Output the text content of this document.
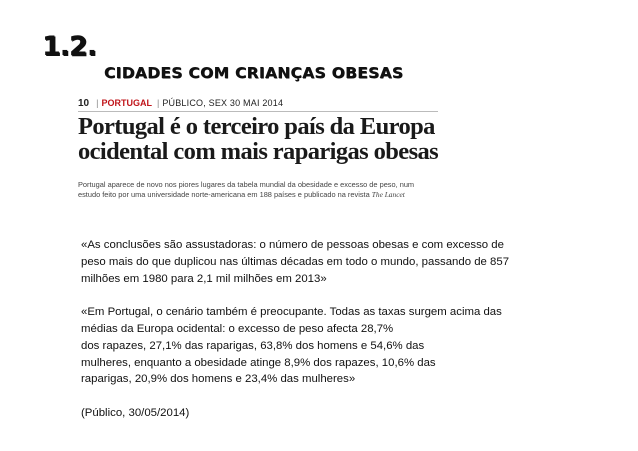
1.2.
CIDADES COM CRIANÇAS OBESAS
10 | PORTUGAL | PÚBLICO, SEX 30 MAI 2014
Portugal é o terceiro país da Europa
ocidental com mais raparigas obesas
Portugal aparece de novo nos piores lugares da tabela mundial da obesidade e excesso de peso, num
estudo feito por uma universidade norte-americana em 188 países e publicado na revista The Lancet
«As conclusões são assustadoras: o número de pessoas obesas e com excesso de
peso mais do que duplicou nas últimas décadas em todo o mundo, passando de 857
milhões em 1980 para 2,1 mil milhões em 2013»
«Em Portugal, o cenário também é preocupante. Todas as taxas surgem acima das
médias da Europa ocidental: o excesso de peso afecta 28,7%
dos rapazes, 27,1% das raparigas, 63,8% dos homens e 54,6% das
mulheres, enquanto a obesidade atinge 8,9% dos rapazes, 10,6% das
raparigas, 20,9% dos homens e 23,4% das mulheres»
(Público, 30/05/2014)
